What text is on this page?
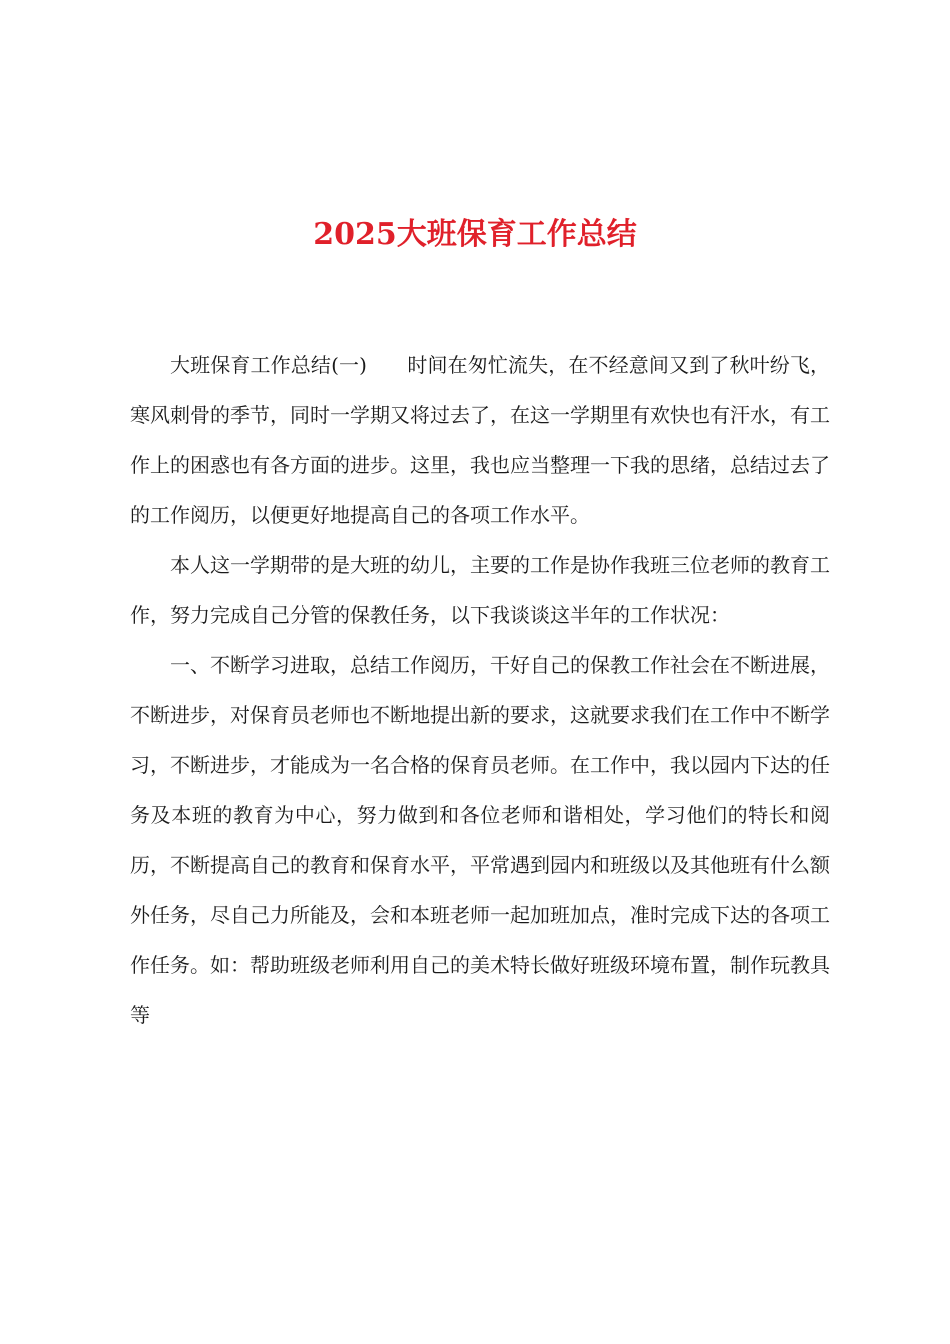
2025大班保育工作总结

大班保育工作总结(一)　　时间在匆忙流失，在不经意间又到了秋叶纷飞，寒风刺骨的季节，同时一学期又将过去了，在这一学期里有欢快也有汗水，有工作上的困惑也有各方面的进步。这里，我也应当整理一下我的思绪，总结过去了的工作阅历，以便更好地提高自己的各项工作水平。

本人这一学期带的是大班的幼儿，主要的工作是协作我班三位老师的教育工作，努力完成自己分管的保教任务，以下我谈谈这半年的工作状况：

一、不断学习进取，总结工作阅历，干好自己的保教工作社会在不断进展，不断进步，对保育员老师也不断地提出新的要求，这就要求我们在工作中不断学习，不断进步，才能成为一名合格的保育员老师。在工作中，我以园内下达的任务及本班的教育为中心，努力做到和各位老师和谐相处，学习他们的特长和阅历，不断提高自己的教育和保育水平，平常遇到园内和班级以及其他班有什么额外任务，尽自己力所能及，会和本班老师一起加班加点，准时完成下达的各项工作任务。如：帮助班级老师利用自己的美术特长做好班级环境布置，制作玩教具等
